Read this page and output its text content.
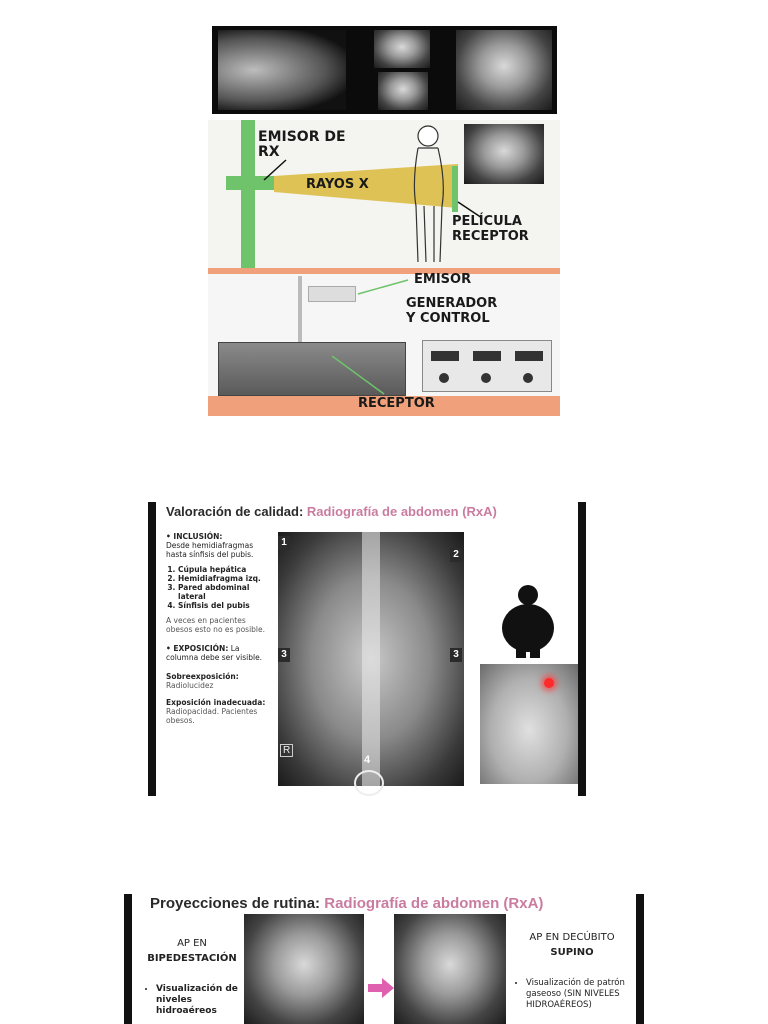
EMISOR DE
RX
RAYOS X
PELÍCULA
RECEPTOR
EMISOR
GENERADOR
Y CONTROL
RECEPTOR
Valoración de calidad: Radiografía de abdomen (RxA)
• INCLUSIÓN:
Desde hemidiafragmas hasta sínfisis del pubis.
1. Cúpula hepática
2. Hemidiafragma izq.
3. Pared abdominal lateral
4. Sínfisis del pubis
A veces en pacientes obesos esto no es posible.
• EXPOSICIÓN: La columna debe ser visible.
Sobreexposición:
Radiolucidez
Exposición inadecuada:
Radiopacidad. Pacientes obesos.
1
2
3	3
4
R
Proyecciones de rutina: Radiografía de abdomen (RxA)
AP EN
BIPEDESTACIÓN
• Visualización de niveles hidroaéreos
AP EN DECÚBITO
SUPINO
• Visualización de patrón gaseoso (SIN NIVELES HIDROAÉREOS)
